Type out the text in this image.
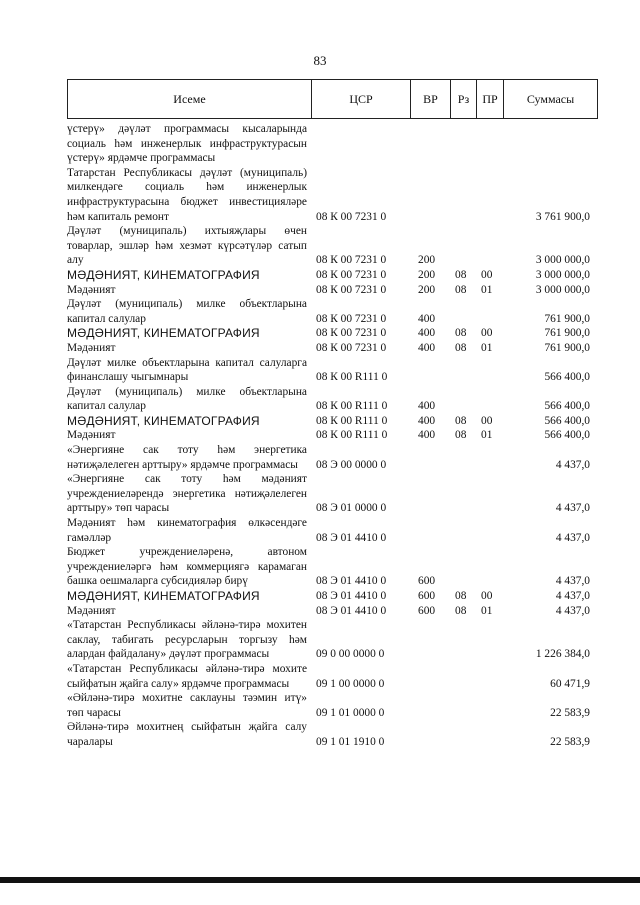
83
Исеме	ЦСР	ВР	Рз	ПР	Суммасы
үстерү» дәүләт программасы кысаларында социаль һәм инженерлык инфраструктурасын үстерү» ярдәмче программасы
Татарстан Республикасы дәүләт (муниципаль) милкендәге социаль һәм инженерлык инфраструктурасына бюджет инвестицияләре һәм капиталь ремонт	08 К 00 7231 0	3 761 900,0
Дәүләт (муниципаль) ихтыяҗлары өчен товарлар, эшләр һәм хезмәт күрсәтүләр сатып алу	08 К 00 7231 0	200	3 000 000,0
МӘДӘНИЯТ, КИНЕМАТОГРАФИЯ	08 К 00 7231 0	200 08 00	3 000 000,0
Мәдәният	08 К 00 7231 0	200 08 01	3 000 000,0
Дәүләт (муниципаль) милке объектларына капитал салулар	08 К 00 7231 0	400	761 900,0
МӘДӘНИЯТ, КИНЕМАТОГРАФИЯ	08 К 00 7231 0	400 08 00	761 900,0
Мәдәният	08 К 00 7231 0	400 08 01	761 900,0
Дәүләт милке объектларына капитал салуларга финанслашу чыгымнары	08 К 00 R111 0	566 400,0
Дәүләт (муниципаль) милке объектларына капитал салулар	08 К 00 R111 0	400	566 400,0
МӘДӘНИЯТ, КИНЕМАТОГРАФИЯ	08 К 00 R111 0	400 08 00	566 400,0
Мәдәният	08 К 00 R111 0	400 08 01	566 400,0
«Энергияне сак тоту һәм энергетика нәтиҗәлелеген арттыру» ярдәмче программасы	08 Э 00 0000 0	4 437,0
«Энергияне сак тоту һәм мәдәният учреждениеләрендә энергетика нәтиҗәлелеген арттыру» төп чарасы	08 Э 01 0000 0	4 437,0
Мәдәният һәм кинематография өлкәсендәге гамәлләр	08 Э 01 4410 0	4 437,0
Бюджет учреждениеләренә, автоном учреждениеләргә һәм коммерциягә карамаган башка оешмаларга субсидияләр бирү	08 Э 01 4410 0	600	4 437,0
МӘДӘНИЯТ, КИНЕМАТОГРАФИЯ	08 Э 01 4410 0	600 08 00	4 437,0
Мәдәният	08 Э 01 4410 0	600 08 01	4 437,0
«Татарстан Республикасы әйләнә-тирә мохитен саклау, табигать ресурсларын торгызу һәм алардан файдалану» дәүләт программасы	09 0 00 0000 0	1 226 384,0
«Татарстан Республикасы әйләнә-тирә мохите сыйфатын җайга салу» ярдәмче программасы	09 1 00 0000 0	60 471,9
«Әйләнә-тирә мохитне саклауны тәэмин итү» төп чарасы	09 1 01 0000 0	22 583,9
Әйләнә-тирә мохитнең сыйфатын җайга салу чаралары	09 1 01 1910 0	22 583,9
